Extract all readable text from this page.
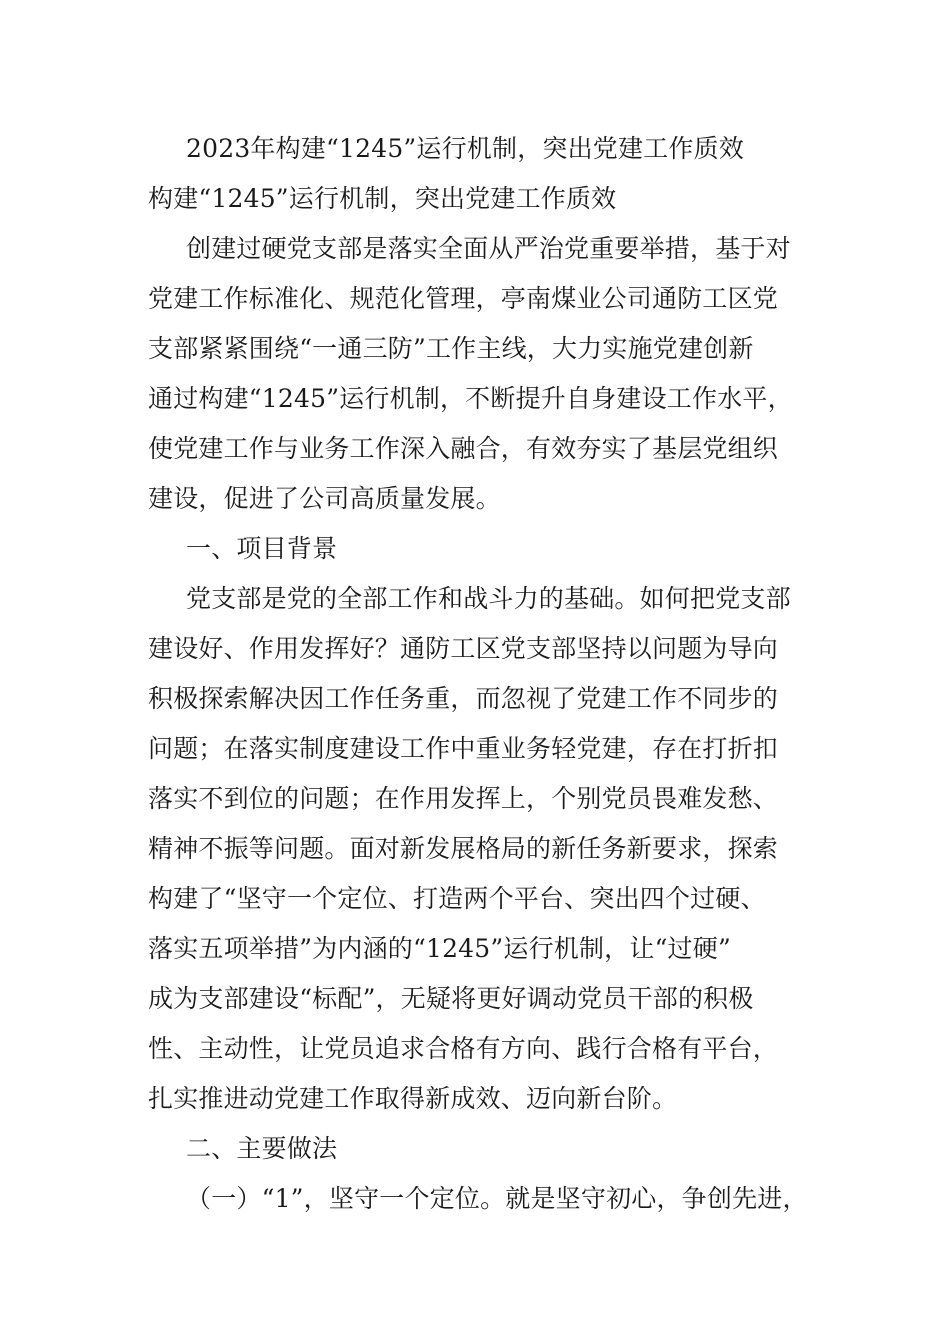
2023年构建“1245”运行机制，突出党建工作质效
构建“1245”运行机制，突出党建工作质效
创建过硬党支部是落实全面从严治党重要举措，基于对
党建工作标准化、规范化管理，亭南煤业公司通防工区党
支部紧紧围绕“一通三防”工作主线，大力实施党建创新
通过构建“1245”运行机制，不断提升自身建设工作水平，
使党建工作与业务工作深入融合，有效夯实了基层党组织
建设，促进了公司高质量发展。
一、项目背景
党支部是党的全部工作和战斗力的基础。如何把党支部
建设好、作用发挥好？通防工区党支部坚持以问题为导向
积极探索解决因工作任务重，而忽视了党建工作不同步的
问题；在落实制度建设工作中重业务轻党建，存在打折扣
落实不到位的问题；在作用发挥上，个别党员畏难发愁、
精神不振等问题。面对新发展格局的新任务新要求，探索
构建了“坚守一个定位、打造两个平台、突出四个过硬、
落实五项举措”为内涵的“1245”运行机制，让“过硬”
成为支部建设“标配”，无疑将更好调动党员干部的积极
性、主动性，让党员追求合格有方向、践行合格有平台，
扎实推进动党建工作取得新成效、迈向新台阶。
二、主要做法
（一）“1”，坚守一个定位。就是坚守初心，争创先进，
